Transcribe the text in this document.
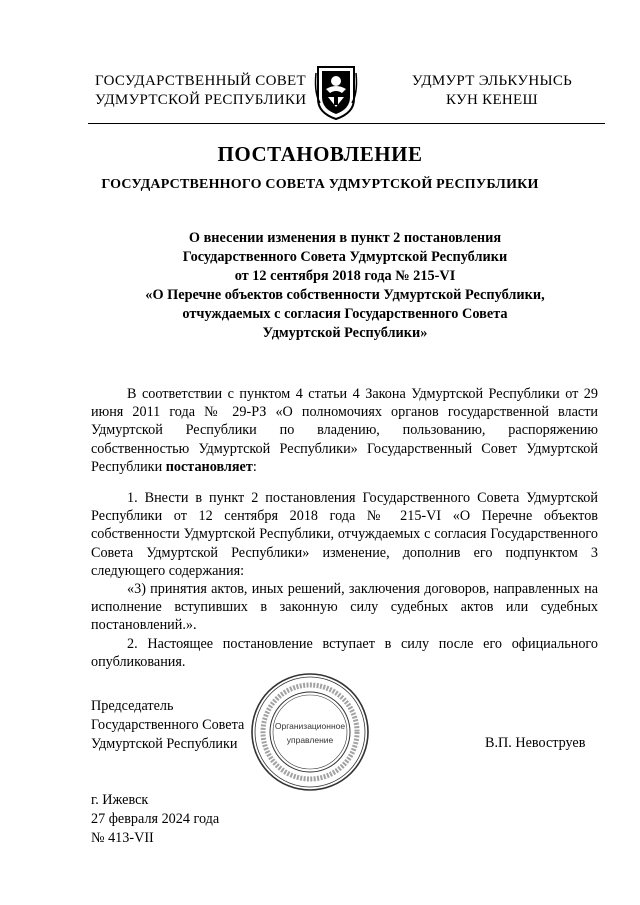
ГОСУДАРСТВЕННЫЙ СОВЕТ
УДМУРТСКОЙ РЕСПУБЛИКИ
УДМУРТ ЭЛЬКУНЫСЬ
КУН КЕНЕШ
ПОСТАНОВЛЕНИЕ
ГОСУДАРСТВЕННОГО СОВЕТА УДМУРТСКОЙ РЕСПУБЛИКИ
О внесении изменения в пункт 2 постановления
Государственного Совета Удмуртской Республики
от 12 сентября 2018 года № 215-VI
«О Перечне объектов собственности Удмуртской Республики,
отчуждаемых с согласия Государственного Совета
Удмуртской Республики»

В соответствии с пунктом 4 статьи 4 Закона Удмуртской Республики от 29 июня 2011 года № 29-РЗ «О полномочиях органов государственной власти Удмуртской Республики по владению, пользованию, распоряжению собственностью Удмуртской Республики» Государственный Совет Удмуртской Республики постановляет:

1. Внести в пункт 2 постановления Государственного Совета Удмуртской Республики от 12 сентября 2018 года № 215-VI «О Перечне объектов собственности Удмуртской Республики, отчуждаемых с согласия Государственного Совета Удмуртской Республики» изменение, дополнив его подпунктом 3 следующего содержания:

«3) принятия актов, иных решений, заключения договоров, направленных на исполнение вступивших в законную силу судебных актов или судебных постановлений.».

2. Настоящее постановление вступает в силу после его официального опубликования.

Председатель
Государственного Совета
Удмуртской Республики	В.П. Невоструев
Организационное
управление
г. Ижевск
27 февраля 2024 года
№ 413-VII
